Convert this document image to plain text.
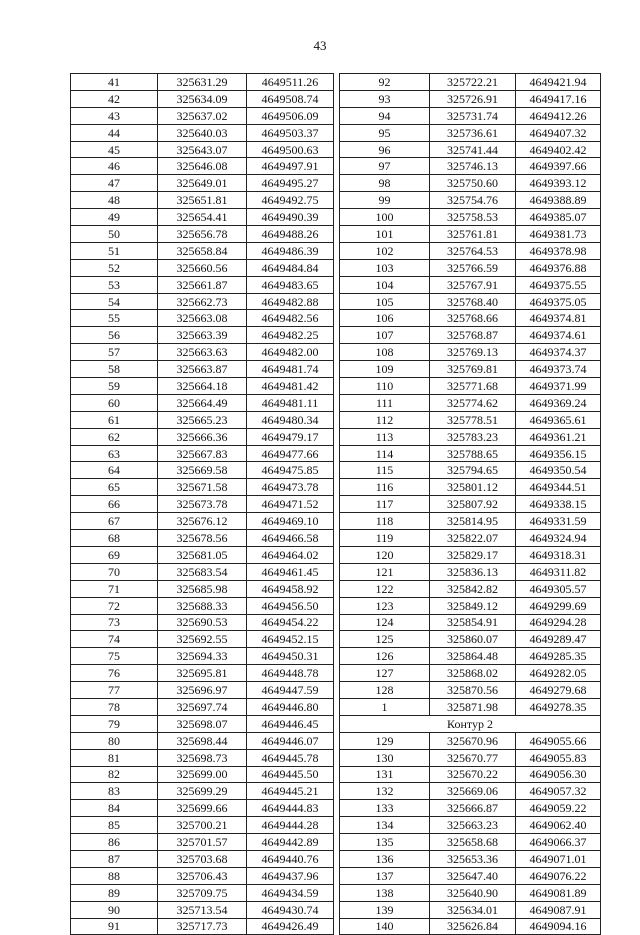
43
41	325631.29	4649511.26
42	325634.09	4649508.74
43	325637.02	4649506.09
44	325640.03	4649503.37
45	325643.07	4649500.63
46	325646.08	4649497.91
47	325649.01	4649495.27
48	325651.81	4649492.75
49	325654.41	4649490.39
50	325656.78	4649488.26
51	325658.84	4649486.39
52	325660.56	4649484.84
53	325661.87	4649483.65
54	325662.73	4649482.88
55	325663.08	4649482.56
56	325663.39	4649482.25
57	325663.63	4649482.00
58	325663.87	4649481.74
59	325664.18	4649481.42
60	325664.49	4649481.11
61	325665.23	4649480.34
62	325666.36	4649479.17
63	325667.83	4649477.66
64	325669.58	4649475.85
65	325671.58	4649473.78
66	325673.78	4649471.52
67	325676.12	4649469.10
68	325678.56	4649466.58
69	325681.05	4649464.02
70	325683.54	4649461.45
71	325685.98	4649458.92
72	325688.33	4649456.50
73	325690.53	4649454.22
74	325692.55	4649452.15
75	325694.33	4649450.31
76	325695.81	4649448.78
77	325696.97	4649447.59
78	325697.74	4649446.80
79	325698.07	4649446.45
80	325698.44	4649446.07
81	325698.73	4649445.78
82	325699.00	4649445.50
83	325699.29	4649445.21
84	325699.66	4649444.83
85	325700.21	4649444.28
86	325701.57	4649442.89
87	325703.68	4649440.76
88	325706.43	4649437.96
89	325709.75	4649434.59
90	325713.54	4649430.74
91	325717.73	4649426.49
92	325722.21	4649421.94
93	325726.91	4649417.16
94	325731.74	4649412.26
95	325736.61	4649407.32
96	325741.44	4649402.42
97	325746.13	4649397.66
98	325750.60	4649393.12
99	325754.76	4649388.89
100	325758.53	4649385.07
101	325761.81	4649381.73
102	325764.53	4649378.98
103	325766.59	4649376.88
104	325767.91	4649375.55
105	325768.40	4649375.05
106	325768.66	4649374.81
107	325768.87	4649374.61
108	325769.13	4649374.37
109	325769.81	4649373.74
110	325771.68	4649371.99
111	325774.62	4649369.24
112	325778.51	4649365.61
113	325783.23	4649361.21
114	325788.65	4649356.15
115	325794.65	4649350.54
116	325801.12	4649344.51
117	325807.92	4649338.15
118	325814.95	4649331.59
119	325822.07	4649324.94
120	325829.17	4649318.31
121	325836.13	4649311.82
122	325842.82	4649305.57
123	325849.12	4649299.69
124	325854.91	4649294.28
125	325860.07	4649289.47
126	325864.48	4649285.35
127	325868.02	4649282.05
128	325870.56	4649279.68
1	325871.98	4649278.35
Контур 2		
129	325670.96	4649055.66
130	325670.77	4649055.83
131	325670.22	4649056.30
132	325669.06	4649057.32
133	325666.87	4649059.22
134	325663.23	4649062.40
135	325658.68	4649066.37
136	325653.36	4649071.01
137	325647.40	4649076.22
138	325640.90	4649081.89
139	325634.01	4649087.91
140	325626.84	4649094.16
